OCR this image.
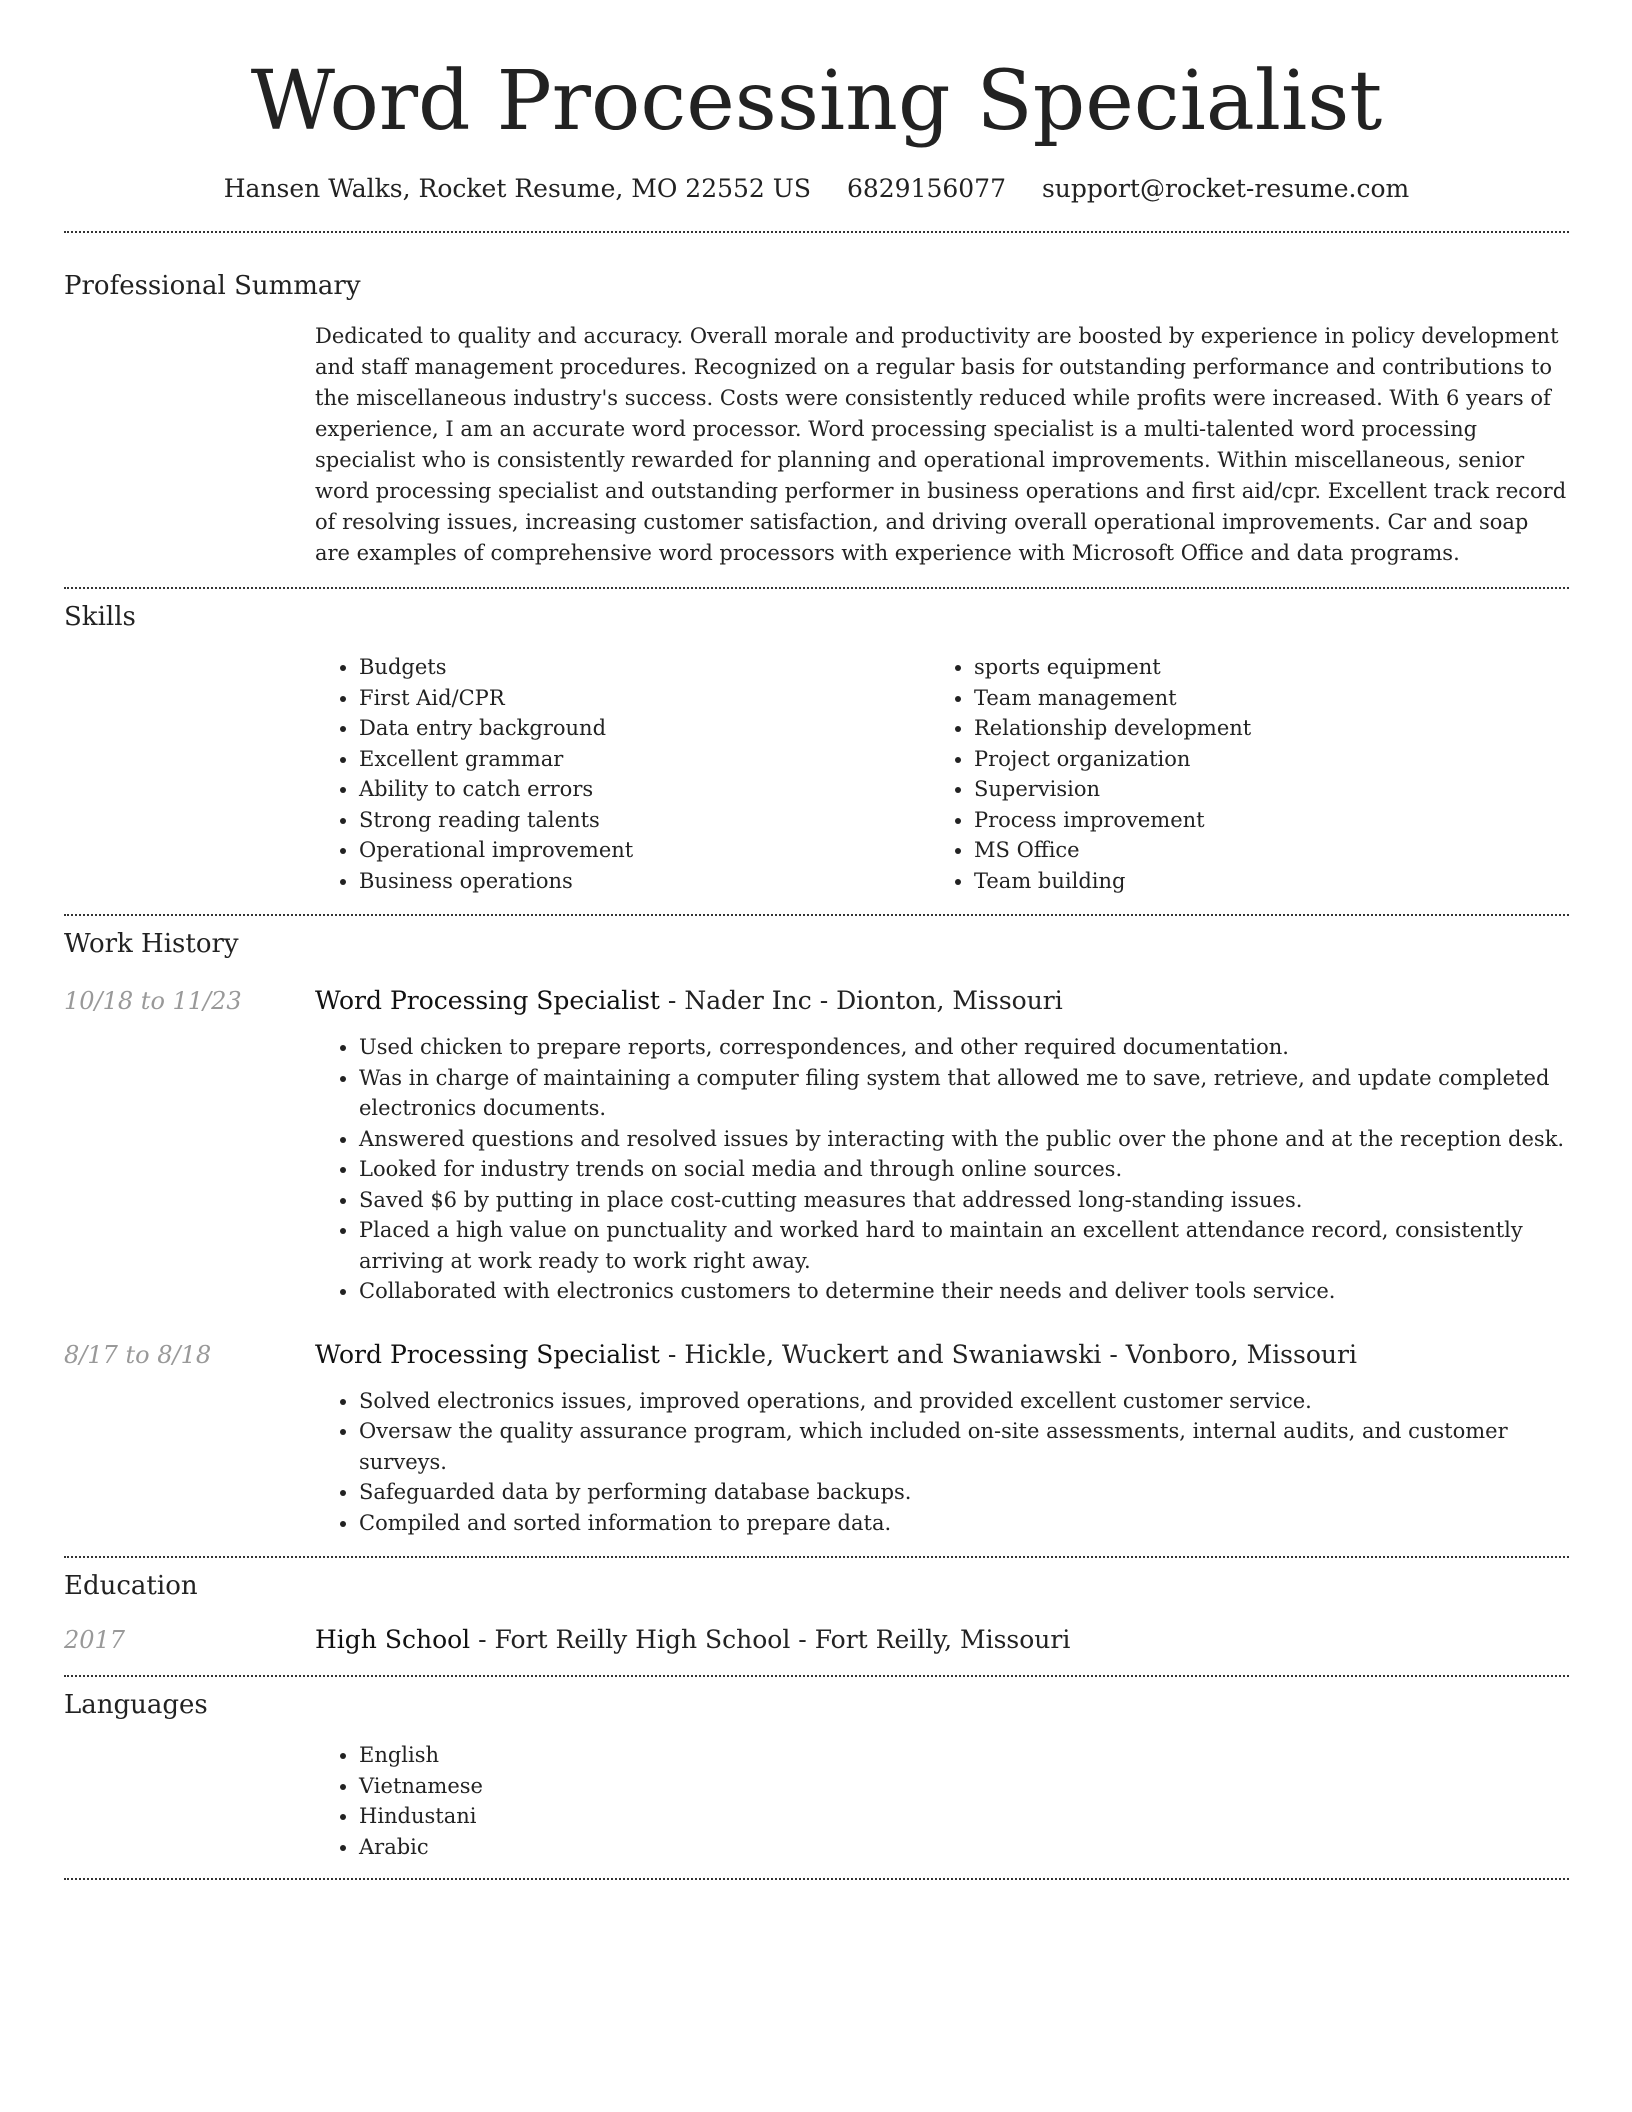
Word Processing Specialist
Hansen Walks, Rocket Resume, MO 22552 US 6829156077 support@rocket-resume.com
Professional Summary
Dedicated to quality and accuracy. Overall morale and productivity are boosted by experience in policy development and staff management procedures. Recognized on a regular basis for outstanding performance and contributions to the miscellaneous industry's success. Costs were consistently reduced while profits were increased. With 6 years of experience, I am an accurate word processor. Word processing specialist is a multi-talented word processing specialist who is consistently rewarded for planning and operational improvements. Within miscellaneous, senior word processing specialist and outstanding performer in business operations and first aid/cpr. Excellent track record of resolving issues, increasing customer satisfaction, and driving overall operational improvements. Car and soap are examples of comprehensive word processors with experience with Microsoft Office and data programs.
Skills
• Budgets
• First Aid/CPR
• Data entry background
• Excellent grammar
• Ability to catch errors
• Strong reading talents
• Operational improvement
• Business operations
• sports equipment
• Team management
• Relationship development
• Project organization
• Supervision
• Process improvement
• MS Office
• Team building
Work History
10/18 to 11/23	Word Processing Specialist - Nader Inc - Dionton, Missouri
• Used chicken to prepare reports, correspondences, and other required documentation.
• Was in charge of maintaining a computer filing system that allowed me to save, retrieve, and update completed electronics documents.
• Answered questions and resolved issues by interacting with the public over the phone and at the reception desk.
• Looked for industry trends on social media and through online sources.
• Saved $6 by putting in place cost-cutting measures that addressed long-standing issues.
• Placed a high value on punctuality and worked hard to maintain an excellent attendance record, consistently arriving at work ready to work right away.
• Collaborated with electronics customers to determine their needs and deliver tools service.
8/17 to 8/18	Word Processing Specialist - Hickle, Wuckert and Swaniawski - Vonboro, Missouri
• Solved electronics issues, improved operations, and provided excellent customer service.
• Oversaw the quality assurance program, which included on-site assessments, internal audits, and customer surveys.
• Safeguarded data by performing database backups.
• Compiled and sorted information to prepare data.
Education
2017	High School - Fort Reilly High School - Fort Reilly, Missouri
Languages
• English
• Vietnamese
• Hindustani
• Arabic
